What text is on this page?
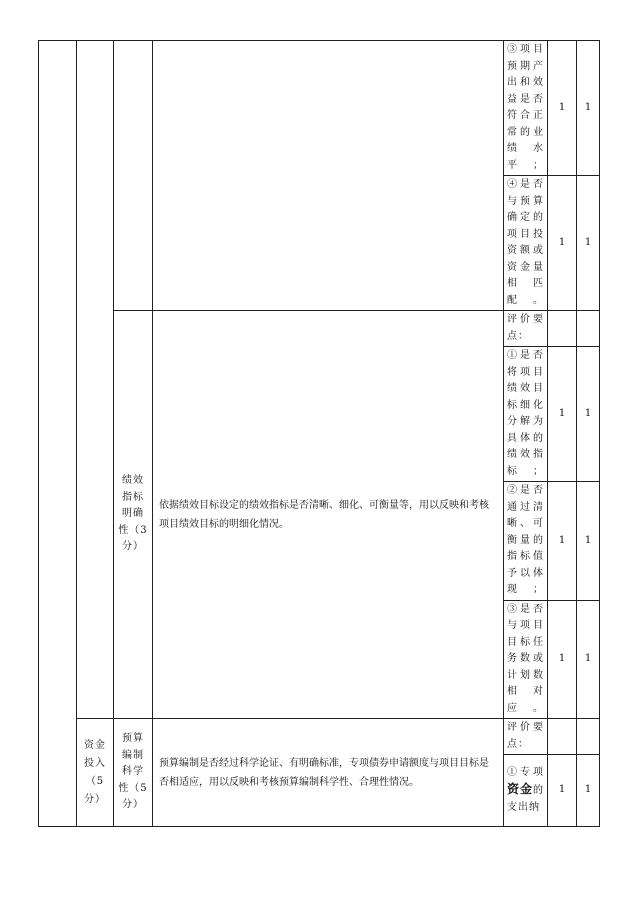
				③项目预期产出和效益是否符合正常的业绩水平；	1	1
				④是否与预算确定的项目投资额或资金量相匹配。	1	1
		绩效指标明确性（3分）	依据绩效目标设定的绩效指标是否清晰、细化、可衡量等，用以反映和考核项目绩效目标的明细化情况。	评价要点：		
				①是否将项目绩效目标细化分解为具体的绩效指标；	1	1
				②是否通过清晰、可衡量的指标值予以体现；	1	1
				③是否与项目目标任务数或计划数相对应。	1	1
	资金投入（5分）	预算编制科学性（5分）	预算编制是否经过科学论证、有明确标准，专项债券申请额度与项目目标是否相适应，用以反映和考核预算编制科学性、合理性情况。	评价要点：		
				①专项资金的支出纳	1	1
